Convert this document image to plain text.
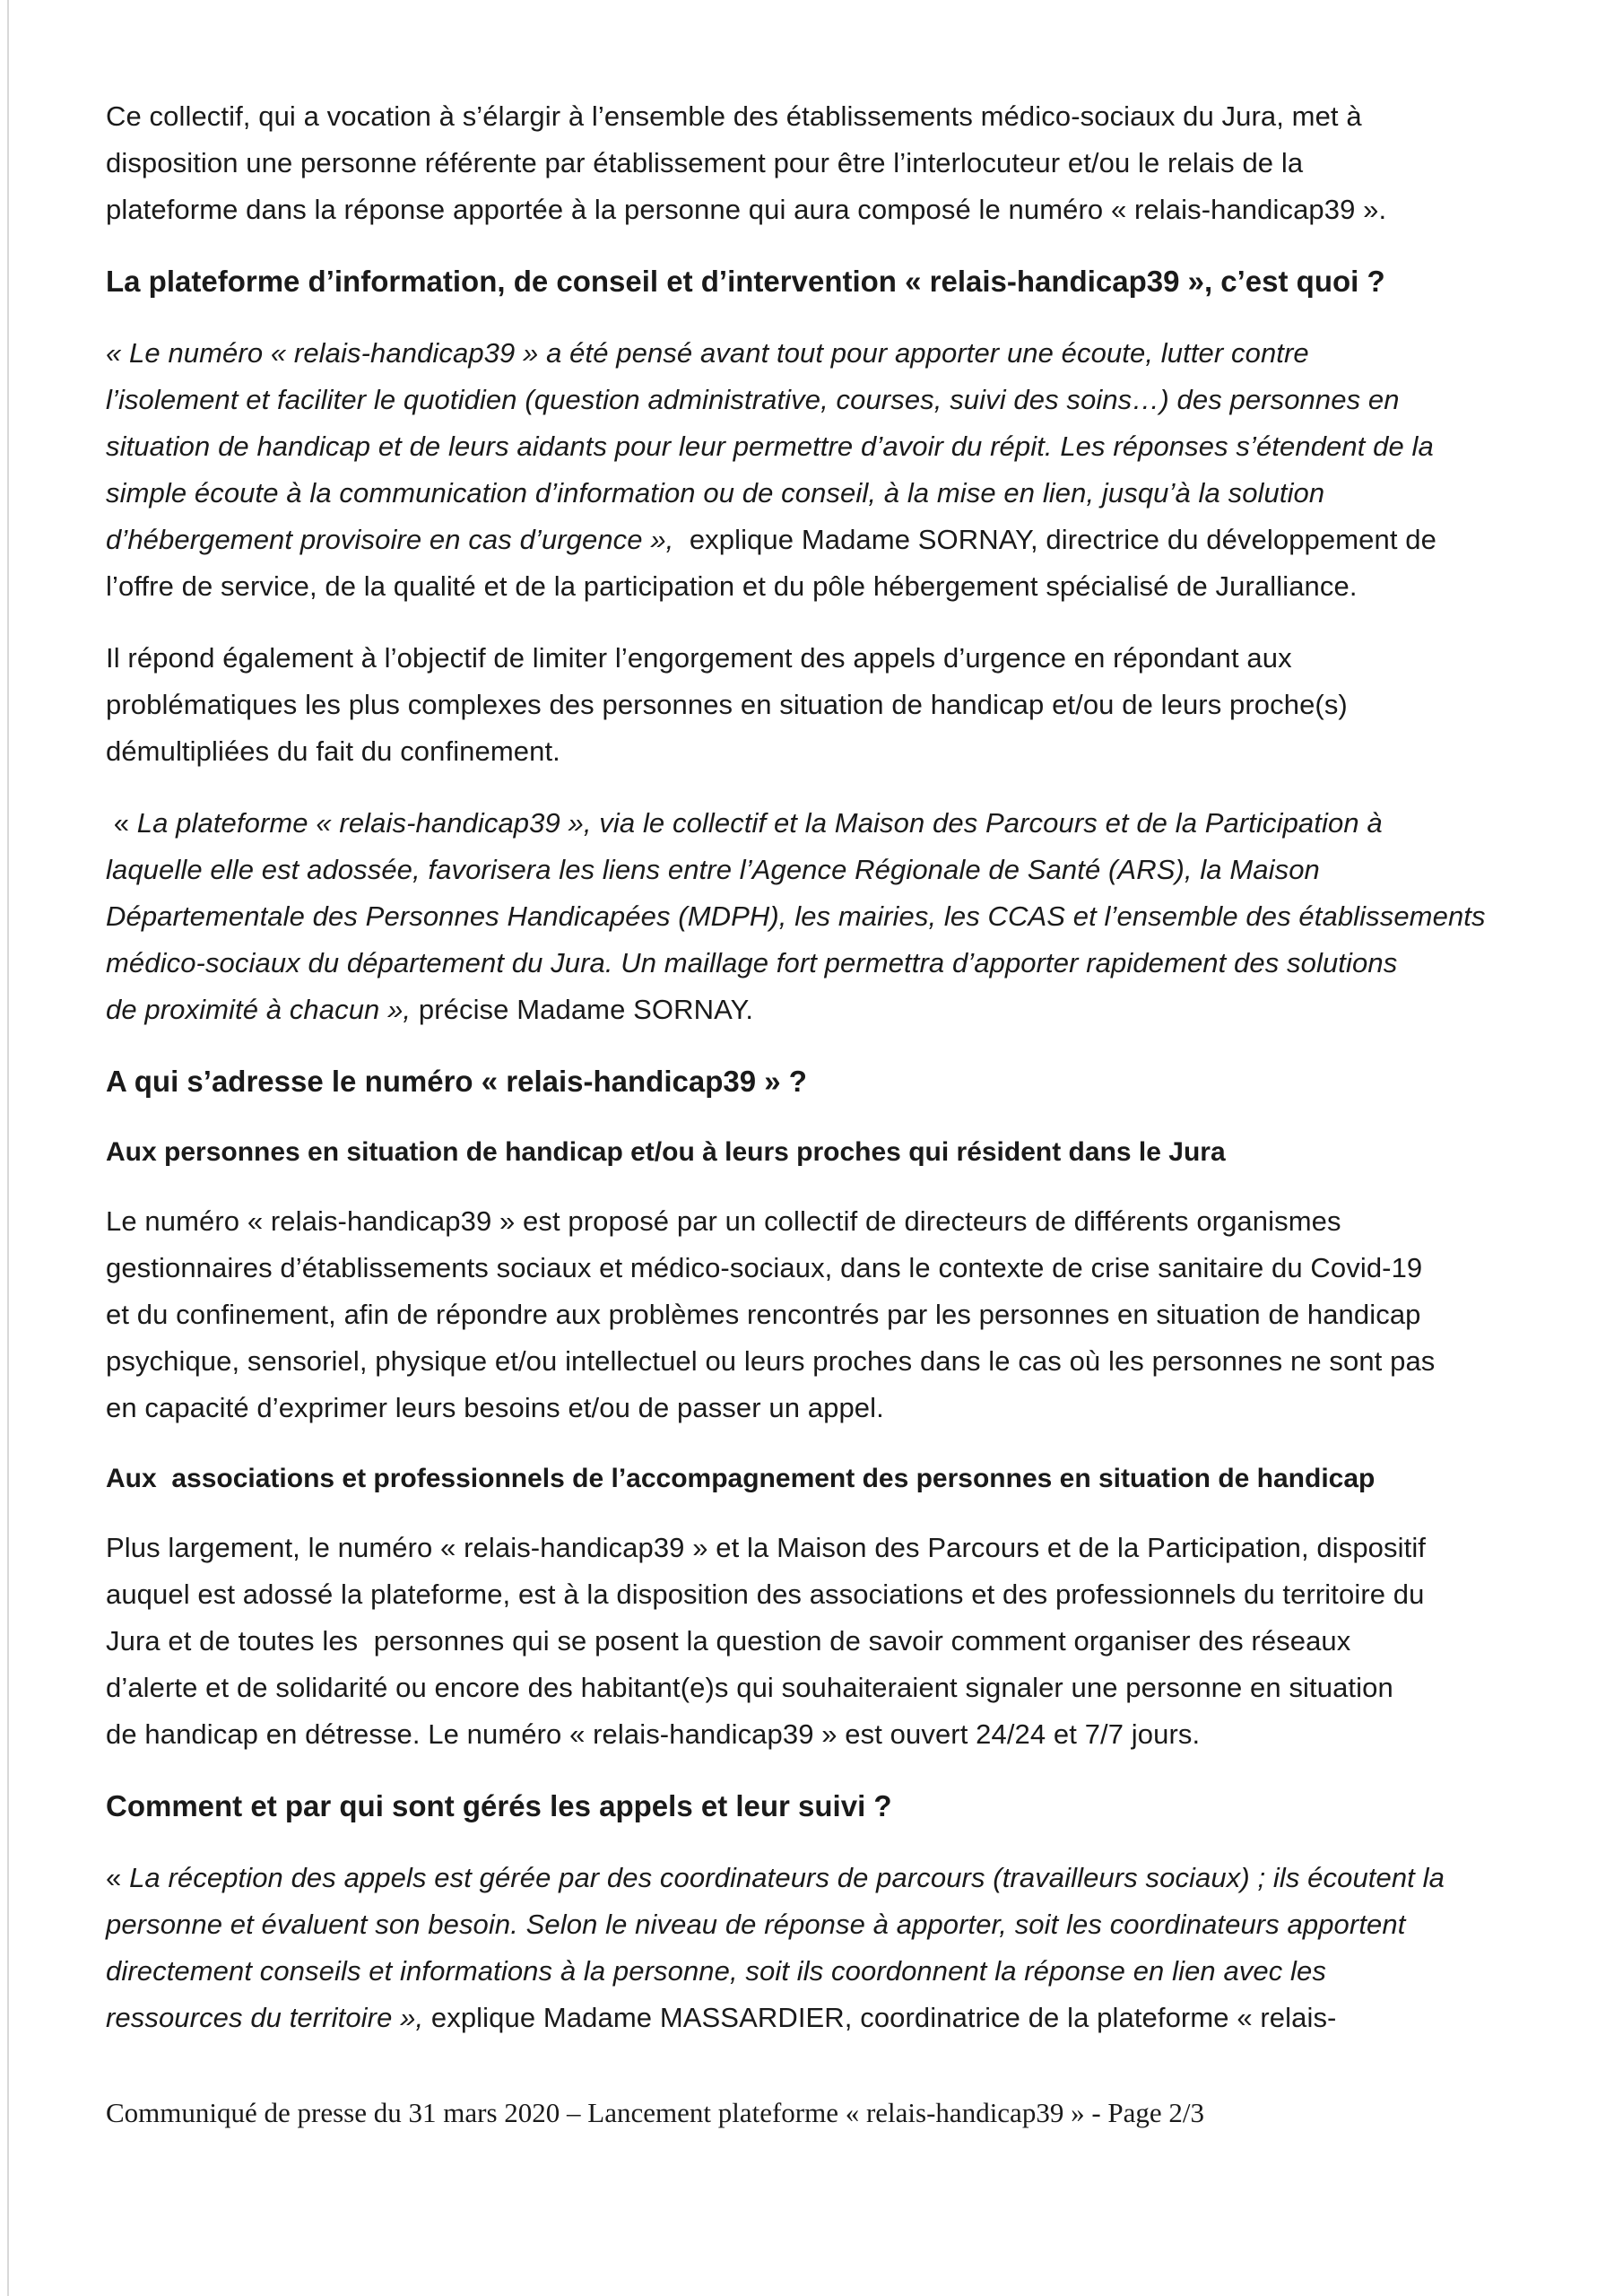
Ce collectif, qui a vocation à s’élargir à l’ensemble des établissements médico-sociaux du Jura, met à
disposition une personne référente par établissement pour être l’interlocuteur et/ou le relais de la
plateforme dans la réponse apportée à la personne qui aura composé le numéro « relais-handicap39 ».

La plateforme d’information, de conseil et d’intervention « relais-handicap39 », c’est quoi ?

« Le numéro « relais-handicap39 » a été pensé avant tout pour apporter une écoute, lutter contre
l’isolement et faciliter le quotidien (question administrative, courses, suivi des soins…) des personnes en
situation de handicap et de leurs aidants pour leur permettre d’avoir du répit. Les réponses s’étendent de la
simple écoute à la communication d’information ou de conseil, à la mise en lien, jusqu’à la solution
d’hébergement provisoire en cas d’urgence »,  explique Madame SORNAY, directrice du développement de
l’offre de service, de la qualité et de la participation et du pôle hébergement spécialisé de Juralliance.

Il répond également à l’objectif de limiter l’engorgement des appels d’urgence en répondant aux
problématiques les plus complexes des personnes en situation de handicap et/ou de leurs proche(s)
démultipliées du fait du confinement.

« La plateforme « relais-handicap39 », via le collectif et la Maison des Parcours et de la Participation à
laquelle elle est adossée, favorisera les liens entre l’Agence Régionale de Santé (ARS), la Maison
Départementale des Personnes Handicapées (MDPH), les mairies, les CCAS et l’ensemble des établissements
médico-sociaux du département du Jura. Un maillage fort permettra d’apporter rapidement des solutions
de proximité à chacun », précise Madame SORNAY.

A qui s’adresse le numéro « relais-handicap39 » ?
Aux personnes en situation de handicap et/ou à leurs proches qui résident dans le Jura

Le numéro « relais-handicap39 » est proposé par un collectif de directeurs de différents organismes
gestionnaires d’établissements sociaux et médico-sociaux, dans le contexte de crise sanitaire du Covid-19
et du confinement, afin de répondre aux problèmes rencontrés par les personnes en situation de handicap
psychique, sensoriel, physique et/ou intellectuel ou leurs proches dans le cas où les personnes ne sont pas
en capacité d’exprimer leurs besoins et/ou de passer un appel.

Aux  associations et professionnels de l’accompagnement des personnes en situation de handicap

Plus largement, le numéro « relais-handicap39 » et la Maison des Parcours et de la Participation, dispositif
auquel est adossé la plateforme, est à la disposition des associations et des professionnels du territoire du
Jura et de toutes les  personnes qui se posent la question de savoir comment organiser des réseaux
d’alerte et de solidarité ou encore des habitant(e)s qui souhaiteraient signaler une personne en situation
de handicap en détresse. Le numéro « relais-handicap39 » est ouvert 24/24 et 7/7 jours.

Comment et par qui sont gérés les appels et leur suivi ?

« La réception des appels est gérée par des coordinateurs de parcours (travailleurs sociaux) ; ils écoutent la
personne et évaluent son besoin. Selon le niveau de réponse à apporter, soit les coordinateurs apportent
directement conseils et informations à la personne, soit ils coordonnent la réponse en lien avec les
ressources du territoire », explique Madame MASSARDIER, coordinatrice de la plateforme « relais-

Communiqué de presse du 31 mars 2020 – Lancement plateforme « relais-handicap39 » - Page 2/3
